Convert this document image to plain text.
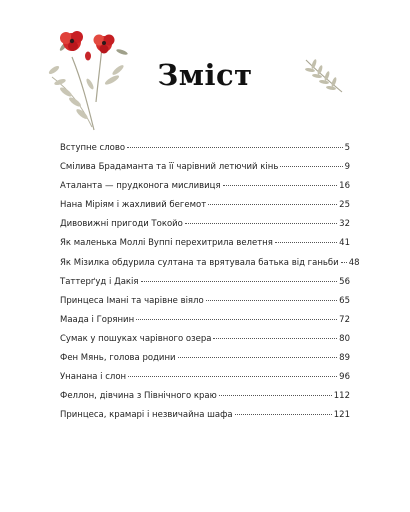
Зміст
Вступне слово	5
Смілива Брадаманта та її чарівний летючий кінь	9
Аталанта — прудконога мисливиця	16
Нана Міріям і жахливий бегемот	25
Дивовижні пригоди Токойо	32
Як маленька Моллі Вуппі перехитрила велетня	41
Як Мізилка обдурила султана та врятувала батька від ганьби 48
Таттерґуд і Дакія	56
Принцеса Імані та чарівне віяло	65
Маада і Горянин	72
Сумак у пошуках чарівного озера	80
Фен Мянь, голова родини	89
Унанана і слон	96
Феллон, дівчина з Північного краю	112
Принцеса, крамарі і незвичайна шафа	121
